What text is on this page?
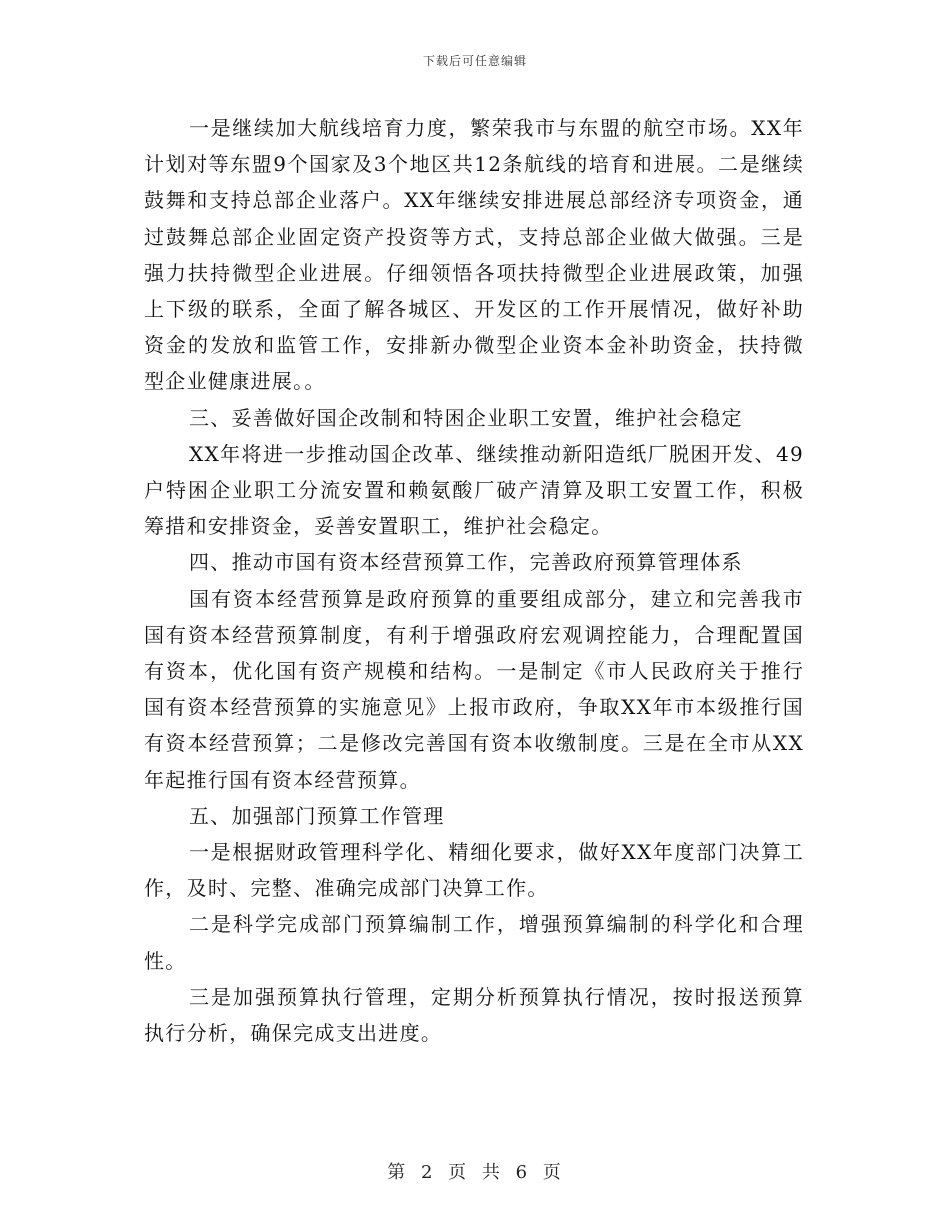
下载后可任意编辑

一是继续加大航线培育力度，繁荣我市与东盟的航空市场。XX年计划对等东盟9个国家及3个地区共12条航线的培育和进展。二是继续鼓舞和支持总部企业落户。XX年继续安排进展总部经济专项资金，通过鼓舞总部企业固定资产投资等方式，支持总部企业做大做强。三是强力扶持微型企业进展。仔细领悟各项扶持微型企业进展政策，加强上下级的联系，全面了解各城区、开发区的工作开展情况，做好补助资金的发放和监管工作，安排新办微型企业资本金补助资金，扶持微型企业健康进展。。

三、妥善做好国企改制和特困企业职工安置，维护社会稳定

XX年将进一步推动国企改革、继续推动新阳造纸厂脱困开发、49户特困企业职工分流安置和赖氨酸厂破产清算及职工安置工作，积极筹措和安排资金，妥善安置职工，维护社会稳定。

四、推动市国有资本经营预算工作，完善政府预算管理体系

国有资本经营预算是政府预算的重要组成部分，建立和完善我市国有资本经营预算制度，有利于增强政府宏观调控能力，合理配置国有资本，优化国有资产规模和结构。一是制定《市人民政府关于推行国有资本经营预算的实施意见》上报市政府，争取XX年市本级推行国有资本经营预算；二是修改完善国有资本收缴制度。三是在全市从XX年起推行国有资本经营预算。

五、加强部门预算工作管理

一是根据财政管理科学化、精细化要求，做好XX年度部门决算工作，及时、完整、准确完成部门决算工作。

二是科学完成部门预算编制工作，增强预算编制的科学化和合理性。

三是加强预算执行管理，定期分析预算执行情况，按时报送预算执行分析，确保完成支出进度。

第 2 页 共 6 页
